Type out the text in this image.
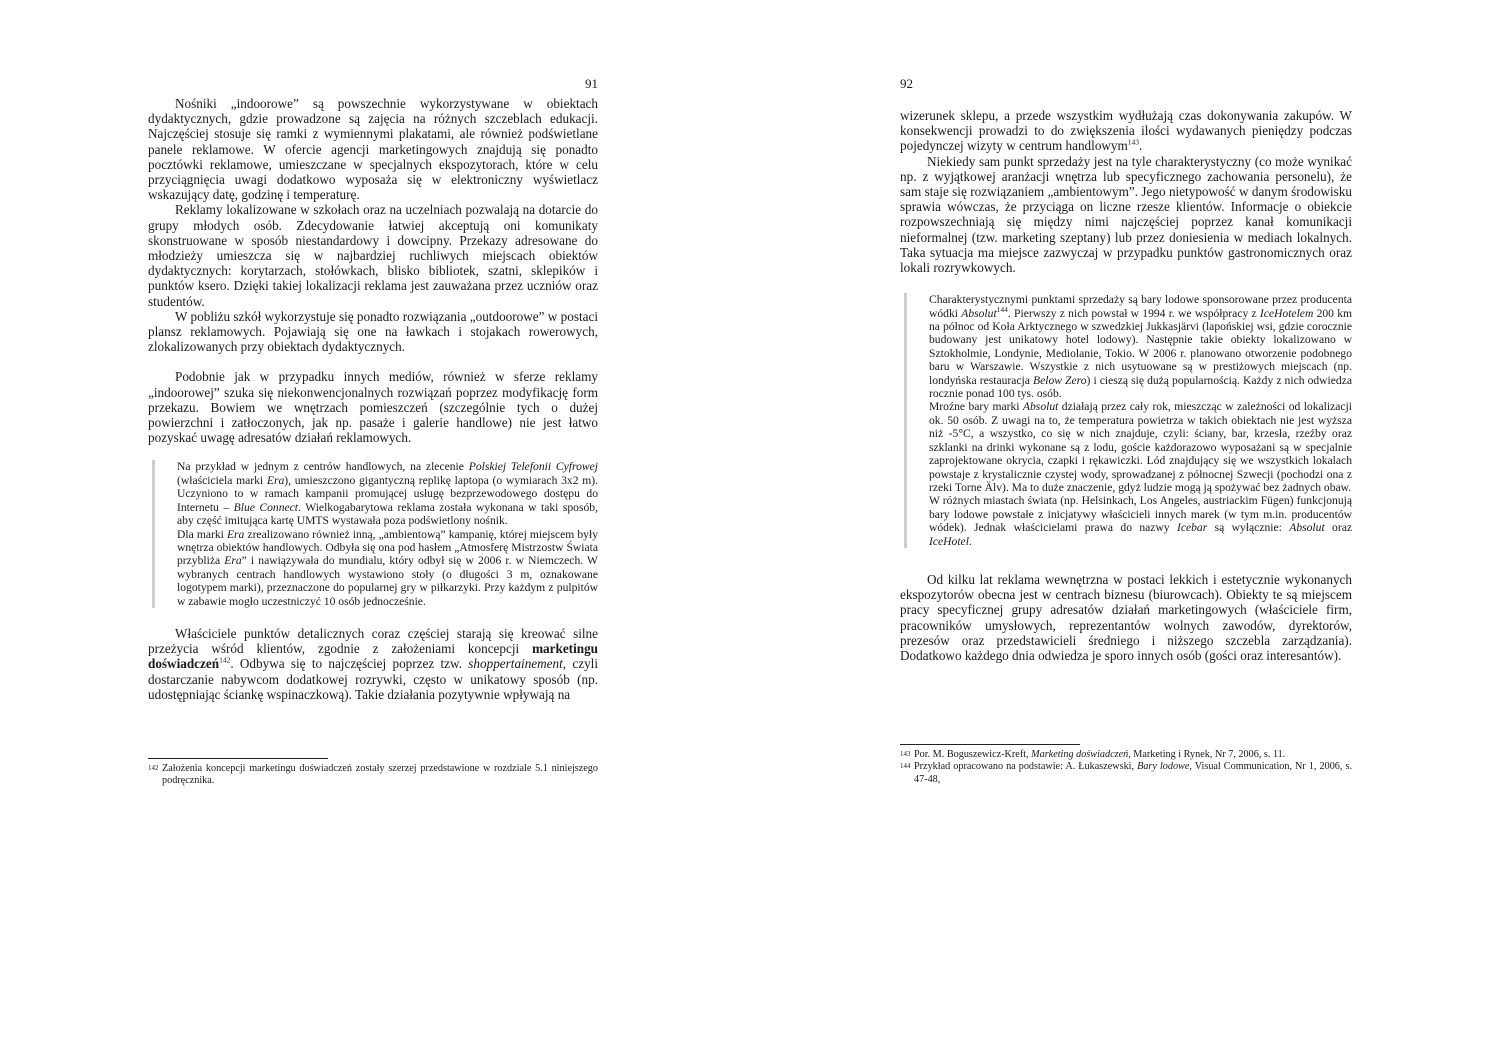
91

Nośniki „indoorowe” są powszechnie wykorzystywane w obiektach dydaktycznych, gdzie prowadzone są zajęcia na różnych szczeblach edukacji. Najczęściej stosuje się ramki z wymiennymi plakatami, ale również podświetlane panele reklamowe. W ofercie agencji marketingowych znajdują się ponadto pocztówki reklamowe, umieszczane w specjalnych ekspozytorach, które w celu przyciągnięcia uwagi dodatkowo wyposaża się w elektroniczny wyświetlacz wskazujący datę, godzinę i temperaturę.

Reklamy lokalizowane w szkołach oraz na uczelniach pozwalają na dotarcie do grupy młodych osób. Zdecydowanie łatwiej akceptują oni komunikaty skonstruowane w sposób niestandardowy i dowcipny. Przekazy adresowane do młodzieży umieszcza się w najbardziej ruchliwych miejscach obiektów dydaktycznych: korytarzach, stołówkach, blisko bibliotek, szatni, sklepików i punktów ksero. Dzięki takiej lokalizacji reklama jest zauważana przez uczniów oraz studentów.

W pobliżu szkół wykorzystuje się ponadto rozwiązania „outdoorowe” w postaci plansz reklamowych. Pojawiają się one na ławkach i stojakach rowerowych, zlokalizowanych przy obiektach dydaktycznych.

Podobnie jak w przypadku innych mediów, również w sferze reklamy „indoorowej” szuka się niekonwencjonalnych rozwiązań poprzez modyfikację form przekazu. Bowiem we wnętrzach pomieszczeń (szczególnie tych o dużej powierzchni i zatłoczonych, jak np. pasaże i galerie handlowe) nie jest łatwo pozyskać uwagę adresatów działań reklamowych.

Na przykład w jednym z centrów handlowych, na zlecenie Polskiej Telefonii Cyfrowej (właściciela marki Era), umieszczono gigantyczną replikę laptopa (o wymiarach 3x2 m). Uczyniono to w ramach kampanii promującej usługę bezprzewodowego dostępu do Internetu – Blue Connect. Wielkogabarytowa reklama została wykonana w taki sposób, aby część imitująca kartę UMTS wystawała poza podświetlony nośnik.

Dla marki Era zrealizowano również inną, „ambientową” kampanię, której miejscem były wnętrza obiektów handlowych. Odbyła się ona pod hasłem „Atmosferę Mistrzostw Świata przybliża Era” i nawiązywała do mundialu, który odbył się w 2006 r. w Niemczech. W wybranych centrach handlowych wystawiono stoły (o długości 3 m, oznakowane logotypem marki), przeznaczone do popularnej gry w piłkarzyki. Przy każdym z pulpitów w zabawie mogło uczestniczyć 10 osób jednocześnie.

Właściciele punktów detalicznych coraz częściej starają się kreować silne przeżycia wśród klientów, zgodnie z założeniami koncepcji marketingu doświadczeń$^{142}$. Odbywa się to najczęściej poprzez tzw. shoppertainement, czyli dostarczanie nabywcom dodatkowej rozrywki, często w unikatowy sposób (np. udostępniając ściankę wspinaczkową). Takie działania pozytywnie wpływają na

142 Założenia koncepcji marketingu doświadczeń zostały szerzej przedstawione w rozdziale 5.1 niniejszego podręcznika.
92

wizerunek sklepu, a przede wszystkim wydłużają czas dokonywania zakupów. W konsekwencji prowadzi to do zwiększenia ilości wydawanych pieniędzy podczas pojedynczej wizyty w centrum handlowym$^{143}$.

Niekiedy sam punkt sprzedaży jest na tyle charakterystyczny (co może wynikać np. z wyjątkowej aranżacji wnętrza lub specyficznego zachowania personelu), że sam staje się rozwiązaniem „ambientowym”. Jego nietypowość w danym środowisku sprawia wówczas, że przyciąga on liczne rzesze klientów. Informacje o obiekcie rozpowszechniają się między nimi najczęściej poprzez kanał komunikacji nieformalnej (tzw. marketing szeptany) lub przez doniesienia w mediach lokalnych. Taka sytuacja ma miejsce zazwyczaj w przypadku punktów gastronomicznych oraz lokali rozrywkowych.

Charakterystycznymi punktami sprzedaży są bary lodowe sponsorowane przez producenta wódki Absolut$^{144}$. Pierwszy z nich powstał w 1994 r. we współpracy z IceHotelem 200 km na północ od Koła Arktycznego w szwedzkiej Jukkasjärvi (lapońskiej wsi, gdzie corocznie budowany jest unikatowy hotel lodowy). Następnie takie obiekty lokalizowano w Sztokholmie, Londynie, Mediolanie, Tokio. W 2006 r. planowano otworzenie podobnego baru w Warszawie. Wszystkie z nich usytuowane są w prestiżowych miejscach (np. londyńska restauracja Below Zero) i cieszą się dużą popularnością. Każdy z nich odwiedza rocznie ponad 100 tys. osób.

Mroźne bary marki Absolut działają przez cały rok, mieszcząc w zależności od lokalizacji ok. 50 osób. Z uwagi na to, że temperatura powietrza w takich obiektach nie jest wyższa niż -5°C, a wszystko, co się w nich znajduje, czyli: ściany, bar, krzesła, rzeźby oraz szklanki na drinki wykonane są z lodu, goście każdorazowo wyposażani są w specjalnie zaprojektowane okrycia, czapki i rękawiczki. Lód znajdujący się we wszystkich lokalach powstaje z krystalicznie czystej wody, sprowadzanej z północnej Szwecji (pochodzi ona z rzeki Torne Älv). Ma to duże znaczenie, gdyż ludzie mogą ją spożywać bez żadnych obaw.

W różnych miastach świata (np. Helsinkach, Los Angeles, austriackim Fügen) funkcjonują bary lodowe powstałe z inicjatywy właścicieli innych marek (w tym m.in. producentów wódek). Jednak właścicielami prawa do nazwy Icebar są wyłącznie: Absolut oraz IceHotel.

Od kilku lat reklama wewnętrzna w postaci lekkich i estetycznie wykonanych ekspozytorów obecna jest w centrach biznesu (biurowcach). Obiekty te są miejscem pracy specyficznej grupy adresatów działań marketingowych (właściciele firm, pracowników umysłowych, reprezentantów wolnych zawodów, dyrektorów, prezesów oraz przedstawicieli średniego i niższego szczebla zarządzania). Dodatkowo każdego dnia odwiedza je sporo innych osób (gości oraz interesantów).

143 Por. M. Boguszewicz-Kreft, Marketing doświadczeń, Marketing i Rynek, Nr 7, 2006, s. 11.
144 Przykład opracowano na podstawie: A. Łukaszewski, Bary lodowe, Visual Communication, Nr 1, 2006, s. 47-48,
